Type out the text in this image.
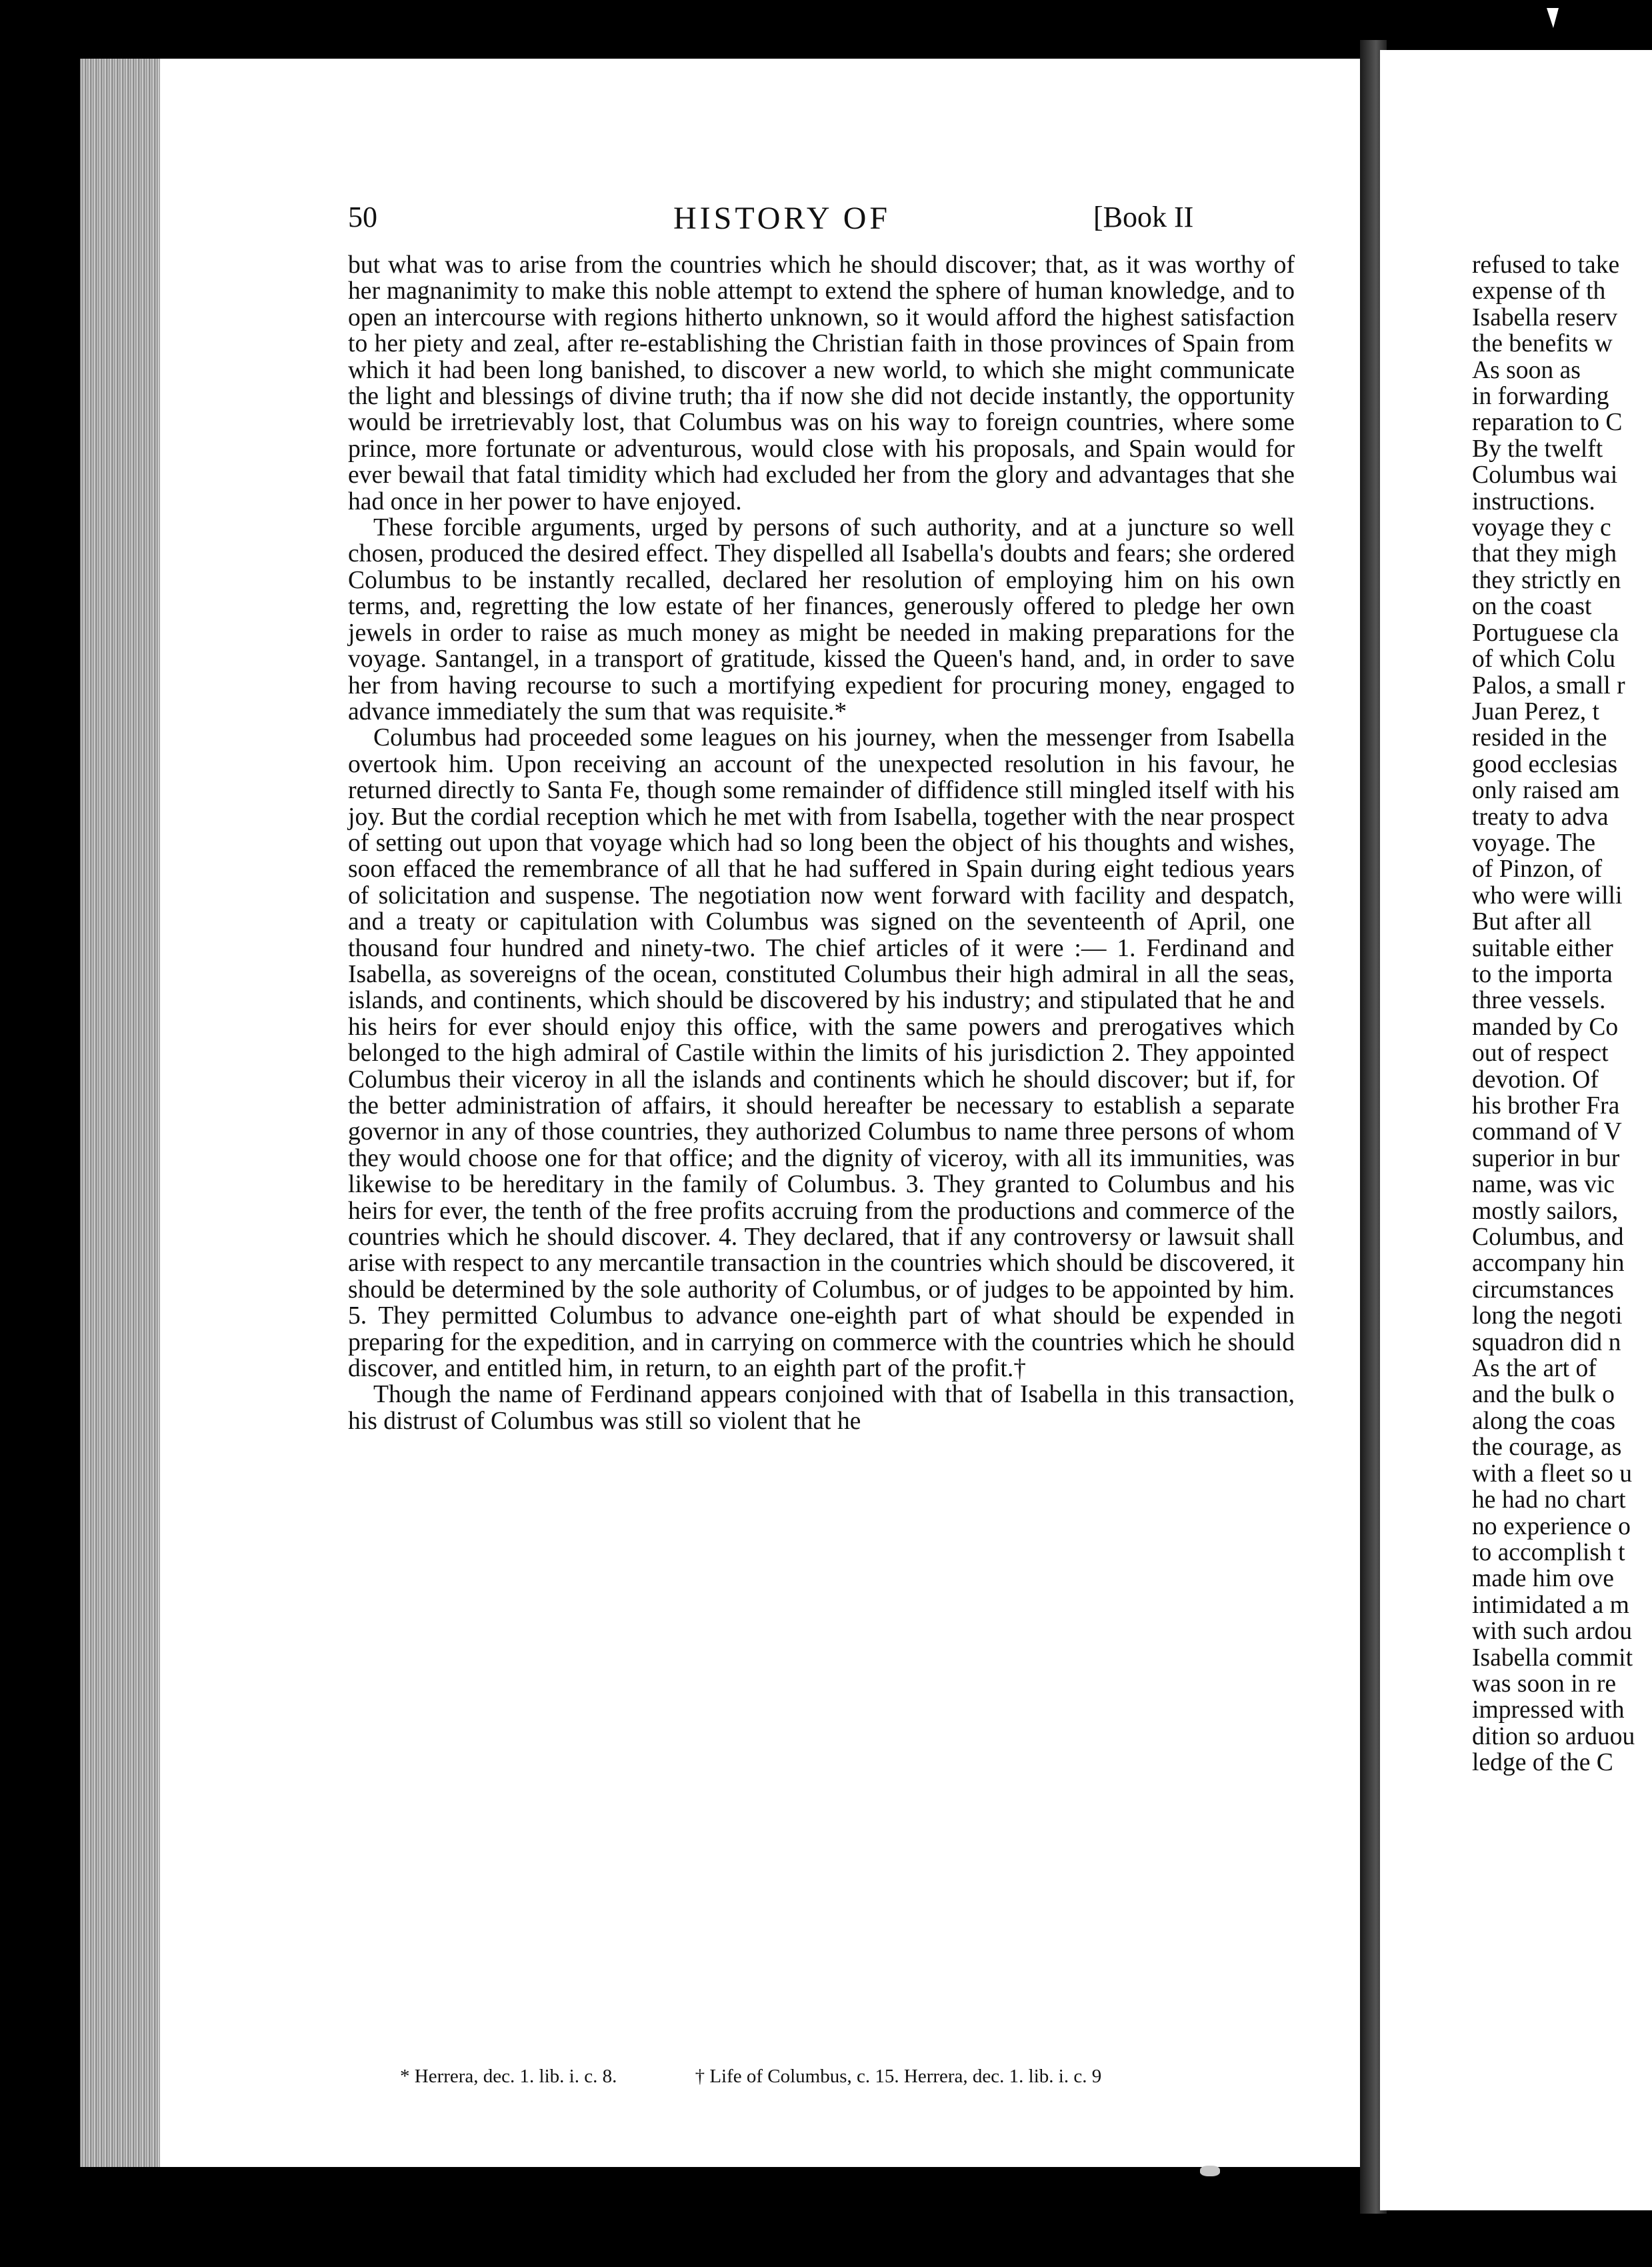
50	HISTORY OF	[Book II

but what was to arise from the countries which he should discover; that, as it was worthy of her magnanimity to make this noble attempt to extend the sphere of human knowledge, and to open an intercourse with regions hitherto unknown, so it would afford the highest satisfaction to her piety and zeal, after re-establishing the Christian faith in those provinces of Spain from which it had been long banished, to discover a new world, to which she might communicate the light and blessings of divine truth; tha if now she did not decide instantly, the opportunity would be irretrievably lost, that Columbus was on his way to foreign countries, where some prince, more fortunate or adventurous, would close with his proposals, and Spain would for ever bewail that fatal timidity which had excluded her from the glory and advantages that she had once in her power to have enjoyed.

These forcible arguments, urged by persons of such authority, and at a juncture so well chosen, produced the desired effect. They dispelled all Isabella's doubts and fears; she ordered Columbus to be instantly recalled, declared her resolution of employing him on his own terms, and, regretting the low estate of her finances, generously offered to pledge her own jewels in order to raise as much money as might be needed in making preparations for the voyage. Santangel, in a transport of gratitude, kissed the Queen's hand, and, in order to save her from having recourse to such a mortifying expedient for procuring money, engaged to advance immediately the sum that was requisite.*

Columbus had proceeded some leagues on his journey, when the messenger from Isabella overtook him. Upon receiving an account of the unexpected resolution in his favour, he returned directly to Santa Fe, though some remainder of diffidence still mingled itself with his joy. But the cordial reception which he met with from Isabella, together with the near prospect of setting out upon that voyage which had so long been the object of his thoughts and wishes, soon effaced the remembrance of all that he had suffered in Spain during eight tedious years of solicitation and suspense. The negotiation now went forward with facility and despatch, and a treaty or capitulation with Columbus was signed on the seventeenth of April, one thousand four hundred and ninety-two. The chief articles of it were :— 1. Ferdinand and Isabella, as sovereigns of the ocean, constituted Columbus their high admiral in all the seas, islands, and continents, which should be discovered by his industry; and stipulated that he and his heirs for ever should enjoy this office, with the same powers and prerogatives which belonged to the high admiral of Castile within the limits of his jurisdiction 2. They appointed Columbus their viceroy in all the islands and continents which he should discover; but if, for the better administration of affairs, it should hereafter be necessary to establish a separate governor in any of those countries, they authorized Columbus to name three persons of whom they would choose one for that office; and the dignity of viceroy, with all its immunities, was likewise to be hereditary in the family of Columbus. 3. They granted to Columbus and his heirs for ever, the tenth of the free profits accruing from the productions and commerce of the countries which he should discover. 4. They declared, that if any controversy or lawsuit shall arise with respect to any mercantile transaction in the countries which should be discovered, it should be determined by the sole authority of Columbus, or of judges to be appointed by him. 5. They permitted Columbus to advance one-eighth part of what should be expended in preparing for the expedition, and in carrying on commerce with the countries which he should discover, and entitled him, in return, to an eighth part of the profit.†

Though the name of Ferdinand appears conjoined with that of Isabella in this transaction, his distrust of Columbus was still so violent that he

* Herrera, dec. 1. lib. i. c. 8.	† Life of Columbus, c. 15. Herrera, dec. 1. lib. i. c. 9
refused to take
expense of th
Isabella reserv
the benefits w
As soon as
in forwarding
reparation to C
By the twelft
Columbus wai
instructions.
voyage they c
that they migh
they strictly en
on the coast
Portuguese cla
of which Colu
Palos, a small r
Juan Perez, t
resided in the
good ecclesias
only raised am
treaty to adva
voyage. The
of Pinzon, of
who were willi
But after all
suitable either
to the importa
three vessels.
manded by Co
out of respect
devotion. Of
his brother Fra
command of V
superior in bur
name, was vic
mostly sailors,
Columbus, and
accompany hin
circumstances
long the negoti
squadron did n
As the art of
and the bulk o
along the coas
the courage, as
with a fleet so u
he had no chart
no experience o
to accomplish t
made him ove
intimidated a m
with such ardou
Isabella commit
was soon in re
impressed with
dition so arduou
ledge of the C
